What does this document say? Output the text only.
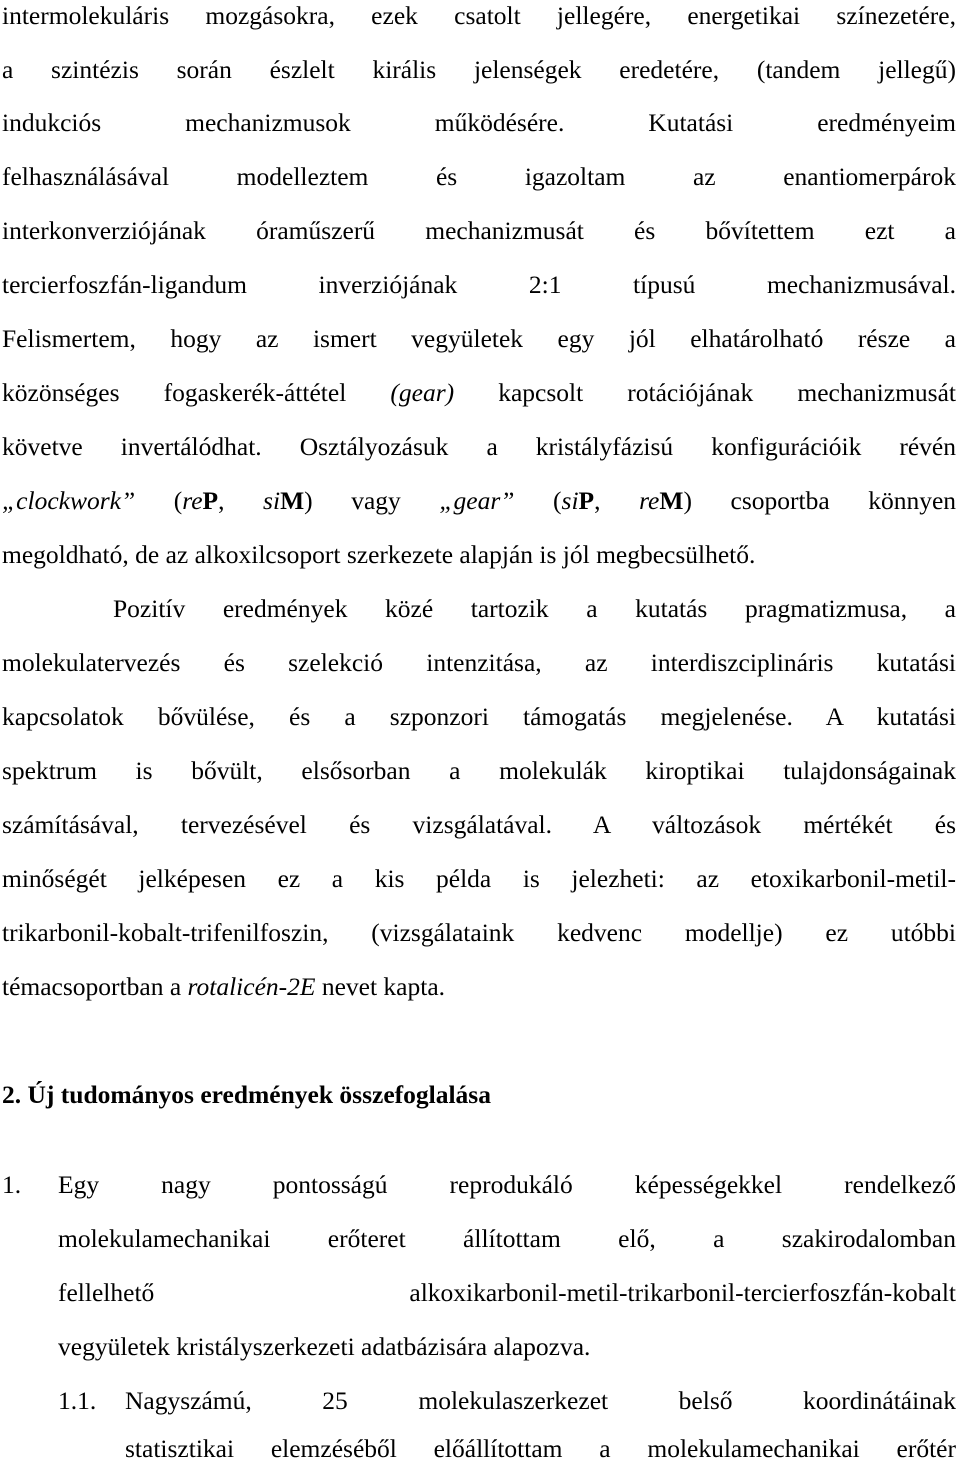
intermolekuláris mozgásokra, ezek csatolt jellegére, energetikai színezetére,
a szintézis során észlelt királis jelenségek eredetére, (tandem jellegű)
indukciós mechanizmusok működésére. Kutatási eredményeim
felhasználásával modelleztem és igazoltam az enantiomerpárok
interkonverziójának óraműszerű mechanizmusát és bővítettem ezt a
tercierfoszfán-ligandum inverziójának 2:1 típusú mechanizmusával.
Felismertem, hogy az ismert vegyületek egy jól elhatárolható része a
közönséges fogaskerék-áttétel (gear) kapcsolt rotációjának mechanizmusát
követve invertálódhat. Osztályozásuk a kristályfázisú konfigurációik révén
„clockwork” (reP, siM) vagy „gear” (siP, reM) csoportba könnyen
megoldható, de az alkoxilcsoport szerkezete alapján is jól megbecsülhető.
Pozitív eredmények közé tartozik a kutatás pragmatizmusa, a
molekulatervezés és szelekció intenzitása, az interdiszciplináris kutatási
kapcsolatok bővülése, és a szponzori támogatás megjelenése. A kutatási
spektrum is bővült, elsősorban a molekulák kiroptikai tulajdonságainak
számításával, tervezésével és vizsgálatával. A változások mértékét és
minőségét jelképesen ez a kis példa is jelezheti: az etoxikarbonil-metil-
trikarbonil-kobalt-trifenilfoszin, (vizsgálataink kedvenc modellje) ez utóbbi
témacsoportban a rotalicén-2E nevet kapta.
2. Új tudományos eredmények összefoglalása
1. Egy nagy pontosságú reprodukáló képességekkel rendelkező
molekulamechanikai erőteret állítottam elő, a szakirodalomban
fellelhető alkoxikarbonil-metil-trikarbonil-tercierfoszfán-kobalt
vegyületek kristályszerkezeti adatbázisára alapozva.
1.1. Nagyszámú, 25 molekulaszerkezet belső koordinátáinak
statisztikai elemzéséből előállítottam a molekulamechanikai erőtér
